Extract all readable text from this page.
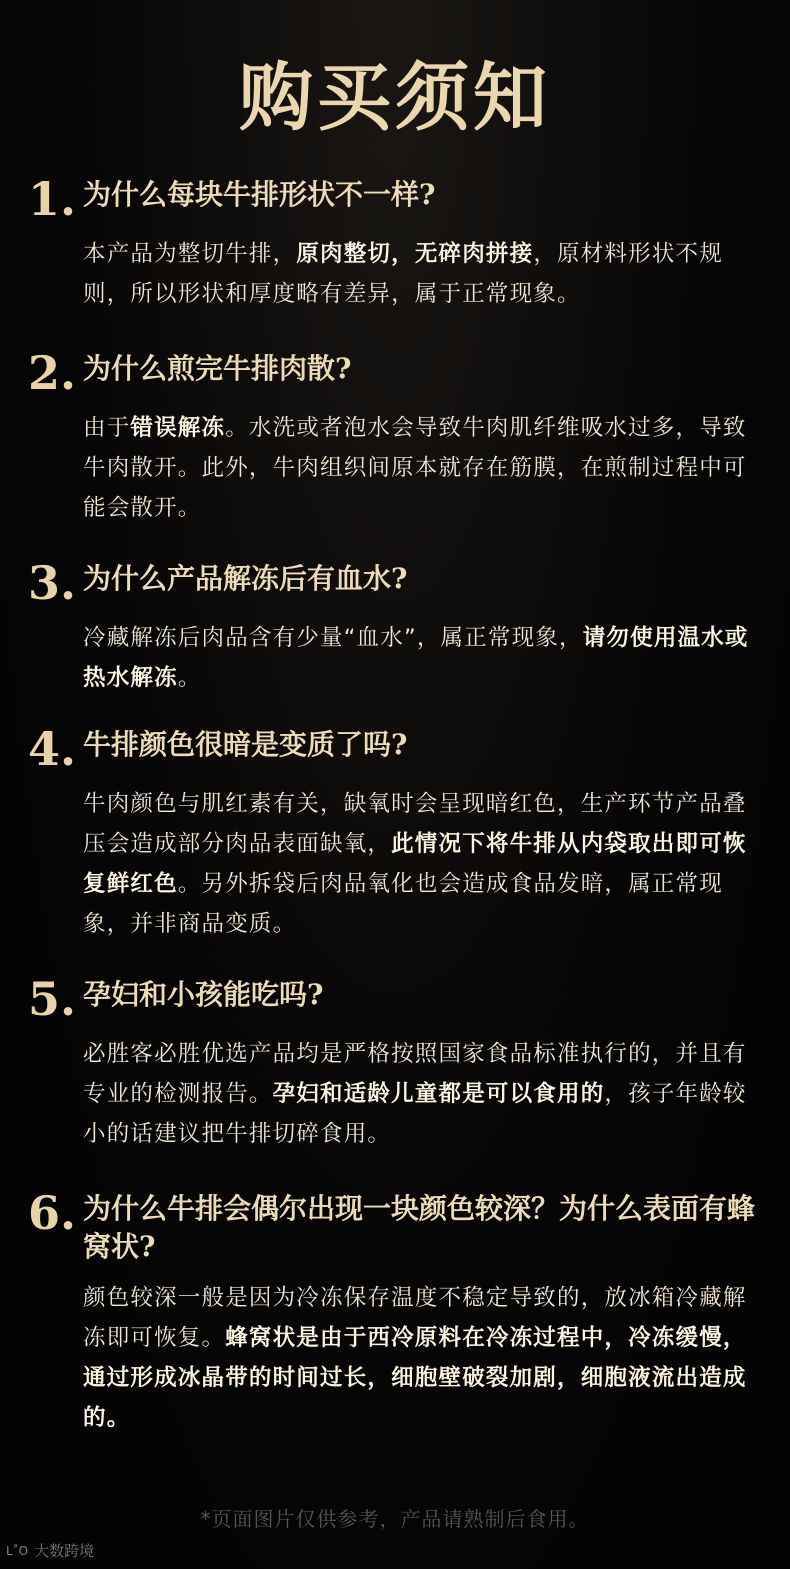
购买须知
1. 为什么每块牛排形状不一样?
本产品为整切牛排，原肉整切，无碎肉拼接，原材料形状不规则，所以形状和厚度略有差异，属于正常现象。
2. 为什么煎完牛排肉散?
由于错误解冻。水洗或者泡水会导致牛肉肌纤维吸水过多，导致牛肉散开。此外，牛肉组织间原本就存在筋膜，在煎制过程中可能会散开。
3. 为什么产品解冻后有血水?
冷藏解冻后肉品含有少量“血水”，属正常现象，请勿使用温水或热水解冻。
4. 牛排颜色很暗是变质了吗?
牛肉颜色与肌红素有关，缺氧时会呈现暗红色，生产环节产品叠压会造成部分肉品表面缺氧，此情况下将牛排从内袋取出即可恢复鲜红色。另外拆袋后肉品氧化也会造成食品发暗，属正常现象，并非商品变质。
5. 孕妇和小孩能吃吗?
必胜客必胜优选产品均是严格按照国家食品标准执行的，并且有专业的检测报告。孕妇和适龄儿童都是可以食用的，孩子年龄较小的话建议把牛排切碎食用。
6. 为什么牛排会偶尔出现一块颜色较深？为什么表面有蜂窝状?
颜色较深一般是因为冷冻保存温度不稳定导致的，放冰箱冷藏解冻即可恢复。蜂窝状是由于西冷原料在冷冻过程中，冷冻缓慢，通过形成冰晶带的时间过长，细胞壁破裂加剧，细胞液流出造成的。
*页面图片仅供参考，产品请熟制后食用。
L˚O 大数跨境
